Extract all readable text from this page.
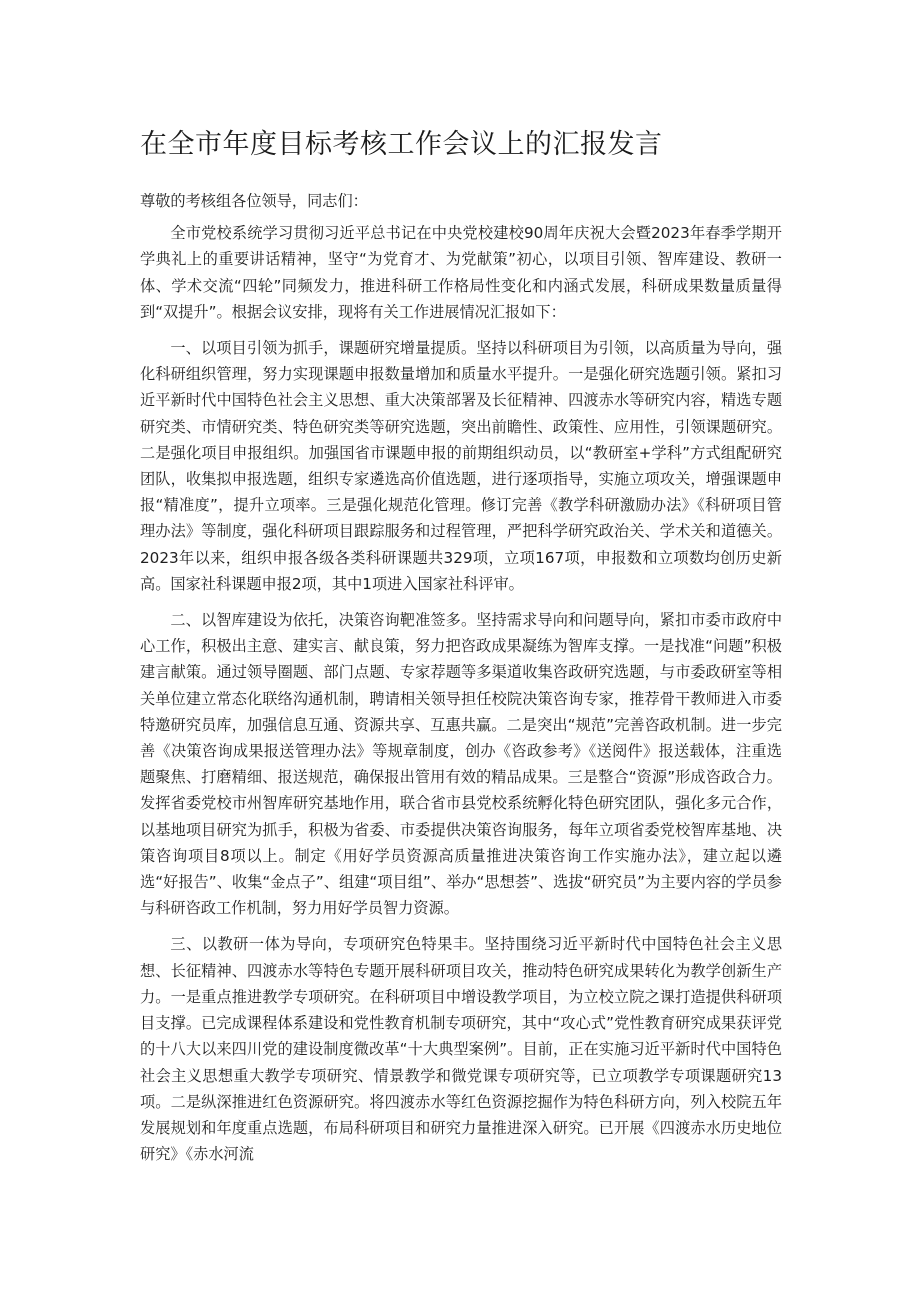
在全市年度目标考核工作会议上的汇报发言

尊敬的考核组各位领导，同志们：

全市党校系统学习贯彻习近平总书记在中央党校建校90周年庆祝大会暨2023年春季学期开学典礼上的重要讲话精神，坚守“为党育才、为党献策”初心，以项目引领、智库建设、教研一体、学术交流“四轮”同频发力，推进科研工作格局性变化和内涵式发展，科研成果数量质量得到“双提升”。根据会议安排，现将有关工作进展情况汇报如下：

一、以项目引领为抓手，课题研究增量提质。坚持以科研项目为引领，以高质量为导向，强化科研组织管理，努力实现课题申报数量增加和质量水平提升。一是强化研究选题引领。紧扣习近平新时代中国特色社会主义思想、重大决策部署及长征精神、四渡赤水等研究内容，精选专题研究类、市情研究类、特色研究类等研究选题，突出前瞻性、政策性、应用性，引领课题研究。二是强化项目申报组织。加强国省市课题申报的前期组织动员，以“教研室+学科”方式组配研究团队，收集拟申报选题，组织专家遴选高价值选题，进行逐项指导，实施立项攻关，增强课题申报“精准度”，提升立项率。三是强化规范化管理。修订完善《教学科研激励办法》《科研项目管理办法》等制度，强化科研项目跟踪服务和过程管理，严把科学研究政治关、学术关和道德关。2023年以来，组织申报各级各类科研课题共329项，立项167项，申报数和立项数均创历史新高。国家社科课题申报2项，其中1项进入国家社科评审。

二、以智库建设为依托，决策咨询靶准签多。坚持需求导向和问题导向，紧扣市委市政府中心工作，积极出主意、建实言、献良策，努力把咨政成果凝练为智库支撑。一是找准“问题”积极建言献策。通过领导圈题、部门点题、专家荐题等多渠道收集咨政研究选题，与市委政研室等相关单位建立常态化联络沟通机制，聘请相关领导担任校院决策咨询专家，推荐骨干教师进入市委特邀研究员库，加强信息互通、资源共享、互惠共赢。二是突出“规范”完善咨政机制。进一步完善《决策咨询成果报送管理办法》等规章制度，创办《咨政参考》《送阅件》报送载体，注重选题聚焦、打磨精细、报送规范，确保报出管用有效的精品成果。三是整合“资源”形成咨政合力。发挥省委党校市州智库研究基地作用，联合省市县党校系统孵化特色研究团队，强化多元合作，以基地项目研究为抓手，积极为省委、市委提供决策咨询服务，每年立项省委党校智库基地、决策咨询项目8项以上。制定《用好学员资源高质量推进决策咨询工作实施办法》，建立起以遴选“好报告”、收集“金点子”、组建“项目组”、举办“思想荟”、选拔“研究员”为主要内容的学员参与科研咨政工作机制，努力用好学员智力资源。

三、以教研一体为导向，专项研究色特果丰。坚持围绕习近平新时代中国特色社会主义思想、长征精神、四渡赤水等特色专题开展科研项目攻关，推动特色研究成果转化为教学创新生产力。一是重点推进教学专项研究。在科研项目中增设教学项目，为立校立院之课打造提供科研项目支撑。已完成课程体系建设和党性教育机制专项研究，其中“攻心式”党性教育研究成果获评党的十八大以来四川党的建设制度微改革“十大典型案例”。目前，正在实施习近平新时代中国特色社会主义思想重大教学专项研究、情景教学和微党课专项研究等，已立项教学专项课题研究13项。二是纵深推进红色资源研究。将四渡赤水等红色资源挖掘作为特色科研方向，列入校院五年发展规划和年度重点选题，布局科研项目和研究力量推进深入研究。已开展《四渡赤水历史地位研究》《赤水河流
